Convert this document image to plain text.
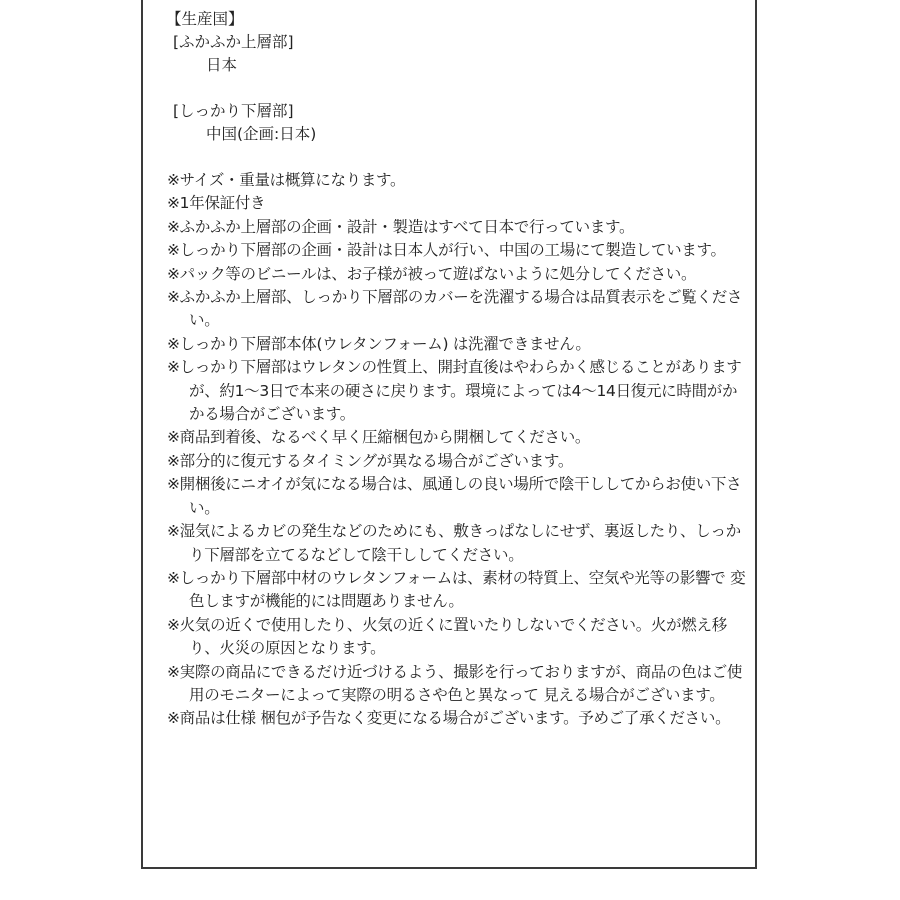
【生産国】
[ふかふか上層部]
日本
[しっかり下層部]
中国(企画:日本)

※サイズ・重量は概算になります。

※1年保証付き

※ふかふか上層部の企画・設計・製造はすべて日本で行っています。

※しっかり下層部の企画・設計は日本人が行い、中国の工場にて製造しています。

※パック等のビニールは、お子様が被って遊ばないように処分してください。

※ふかふか上層部、しっかり下層部のカバーを洗濯する場合は品質表示をご覧ください。

※しっかり下層部本体(ウレタンフォーム) は洗濯できません。

※しっかり下層部はウレタンの性質上、開封直後はやわらかく感じることがありますが、約1〜3日で本来の硬さに戻ります。環境によっては4〜14日復元に時間がかかる場合がございます。

※商品到着後、なるべく早く圧縮梱包から開梱してください。

※部分的に復元するタイミングが異なる場合がございます。

※開梱後にニオイが気になる場合は、風通しの良い場所で陰干ししてからお使い下さい。

※湿気によるカビの発生などのためにも、敷きっぱなしにせず、裏返したり、しっかり下層部を立てるなどして陰干ししてください。

※しっかり下層部中材のウレタンフォームは、素材の特質上、空気や光等の影響で 変色しますが機能的には問題ありません。

※火気の近くで使用したり、火気の近くに置いたりしないでください。火が燃え移り、火災の原因となります。

※実際の商品にできるだけ近づけるよう、撮影を行っておりますが、商品の色はご使用のモニターによって実際の明るさや色と異なって 見える場合がございます。

※商品は仕様 梱包が予告なく変更になる場合がございます。予めご了承ください。
